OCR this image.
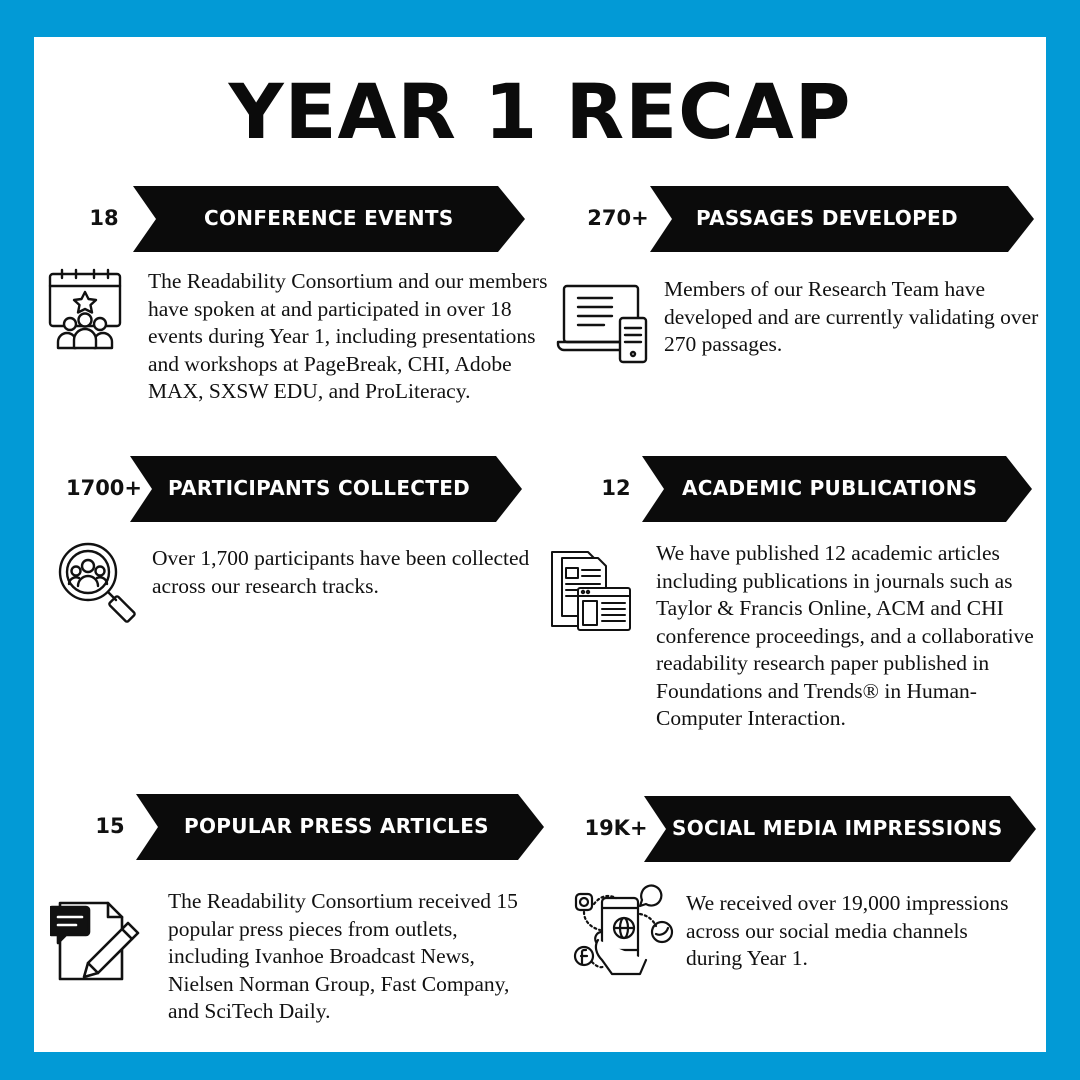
YEAR 1 RECAP
18	CONFERENCE EVENTS
The Readability Consortium and our members have spoken at and participated in over 18 events during Year 1, including presentations and workshops at PageBreak, CHI, Adobe MAX, SXSW EDU, and ProLiteracy.
270+	PASSAGES DEVELOPED
Members of our Research Team have developed and are currently validating over 270 passages.
1700+ PARTICIPANTS COLLECTED
Over 1,700 participants have been collected across our research tracks.
12	ACADEMIC PUBLICATIONS
We have published 12 academic articles including publications in journals such as Taylor & Francis Online, ACM and CHI conference proceedings, and a collaborative readability research paper published in Foundations and Trends® in Human-Computer Interaction.
15	POPULAR PRESS ARTICLES
The Readability Consortium received 15 popular press pieces from outlets, including Ivanhoe Broadcast News, Nielsen Norman Group, Fast Company, and SciTech Daily.
19K+	SOCIAL MEDIA IMPRESSIONS
We received over 19,000 impressions across our social media channels during Year 1.
